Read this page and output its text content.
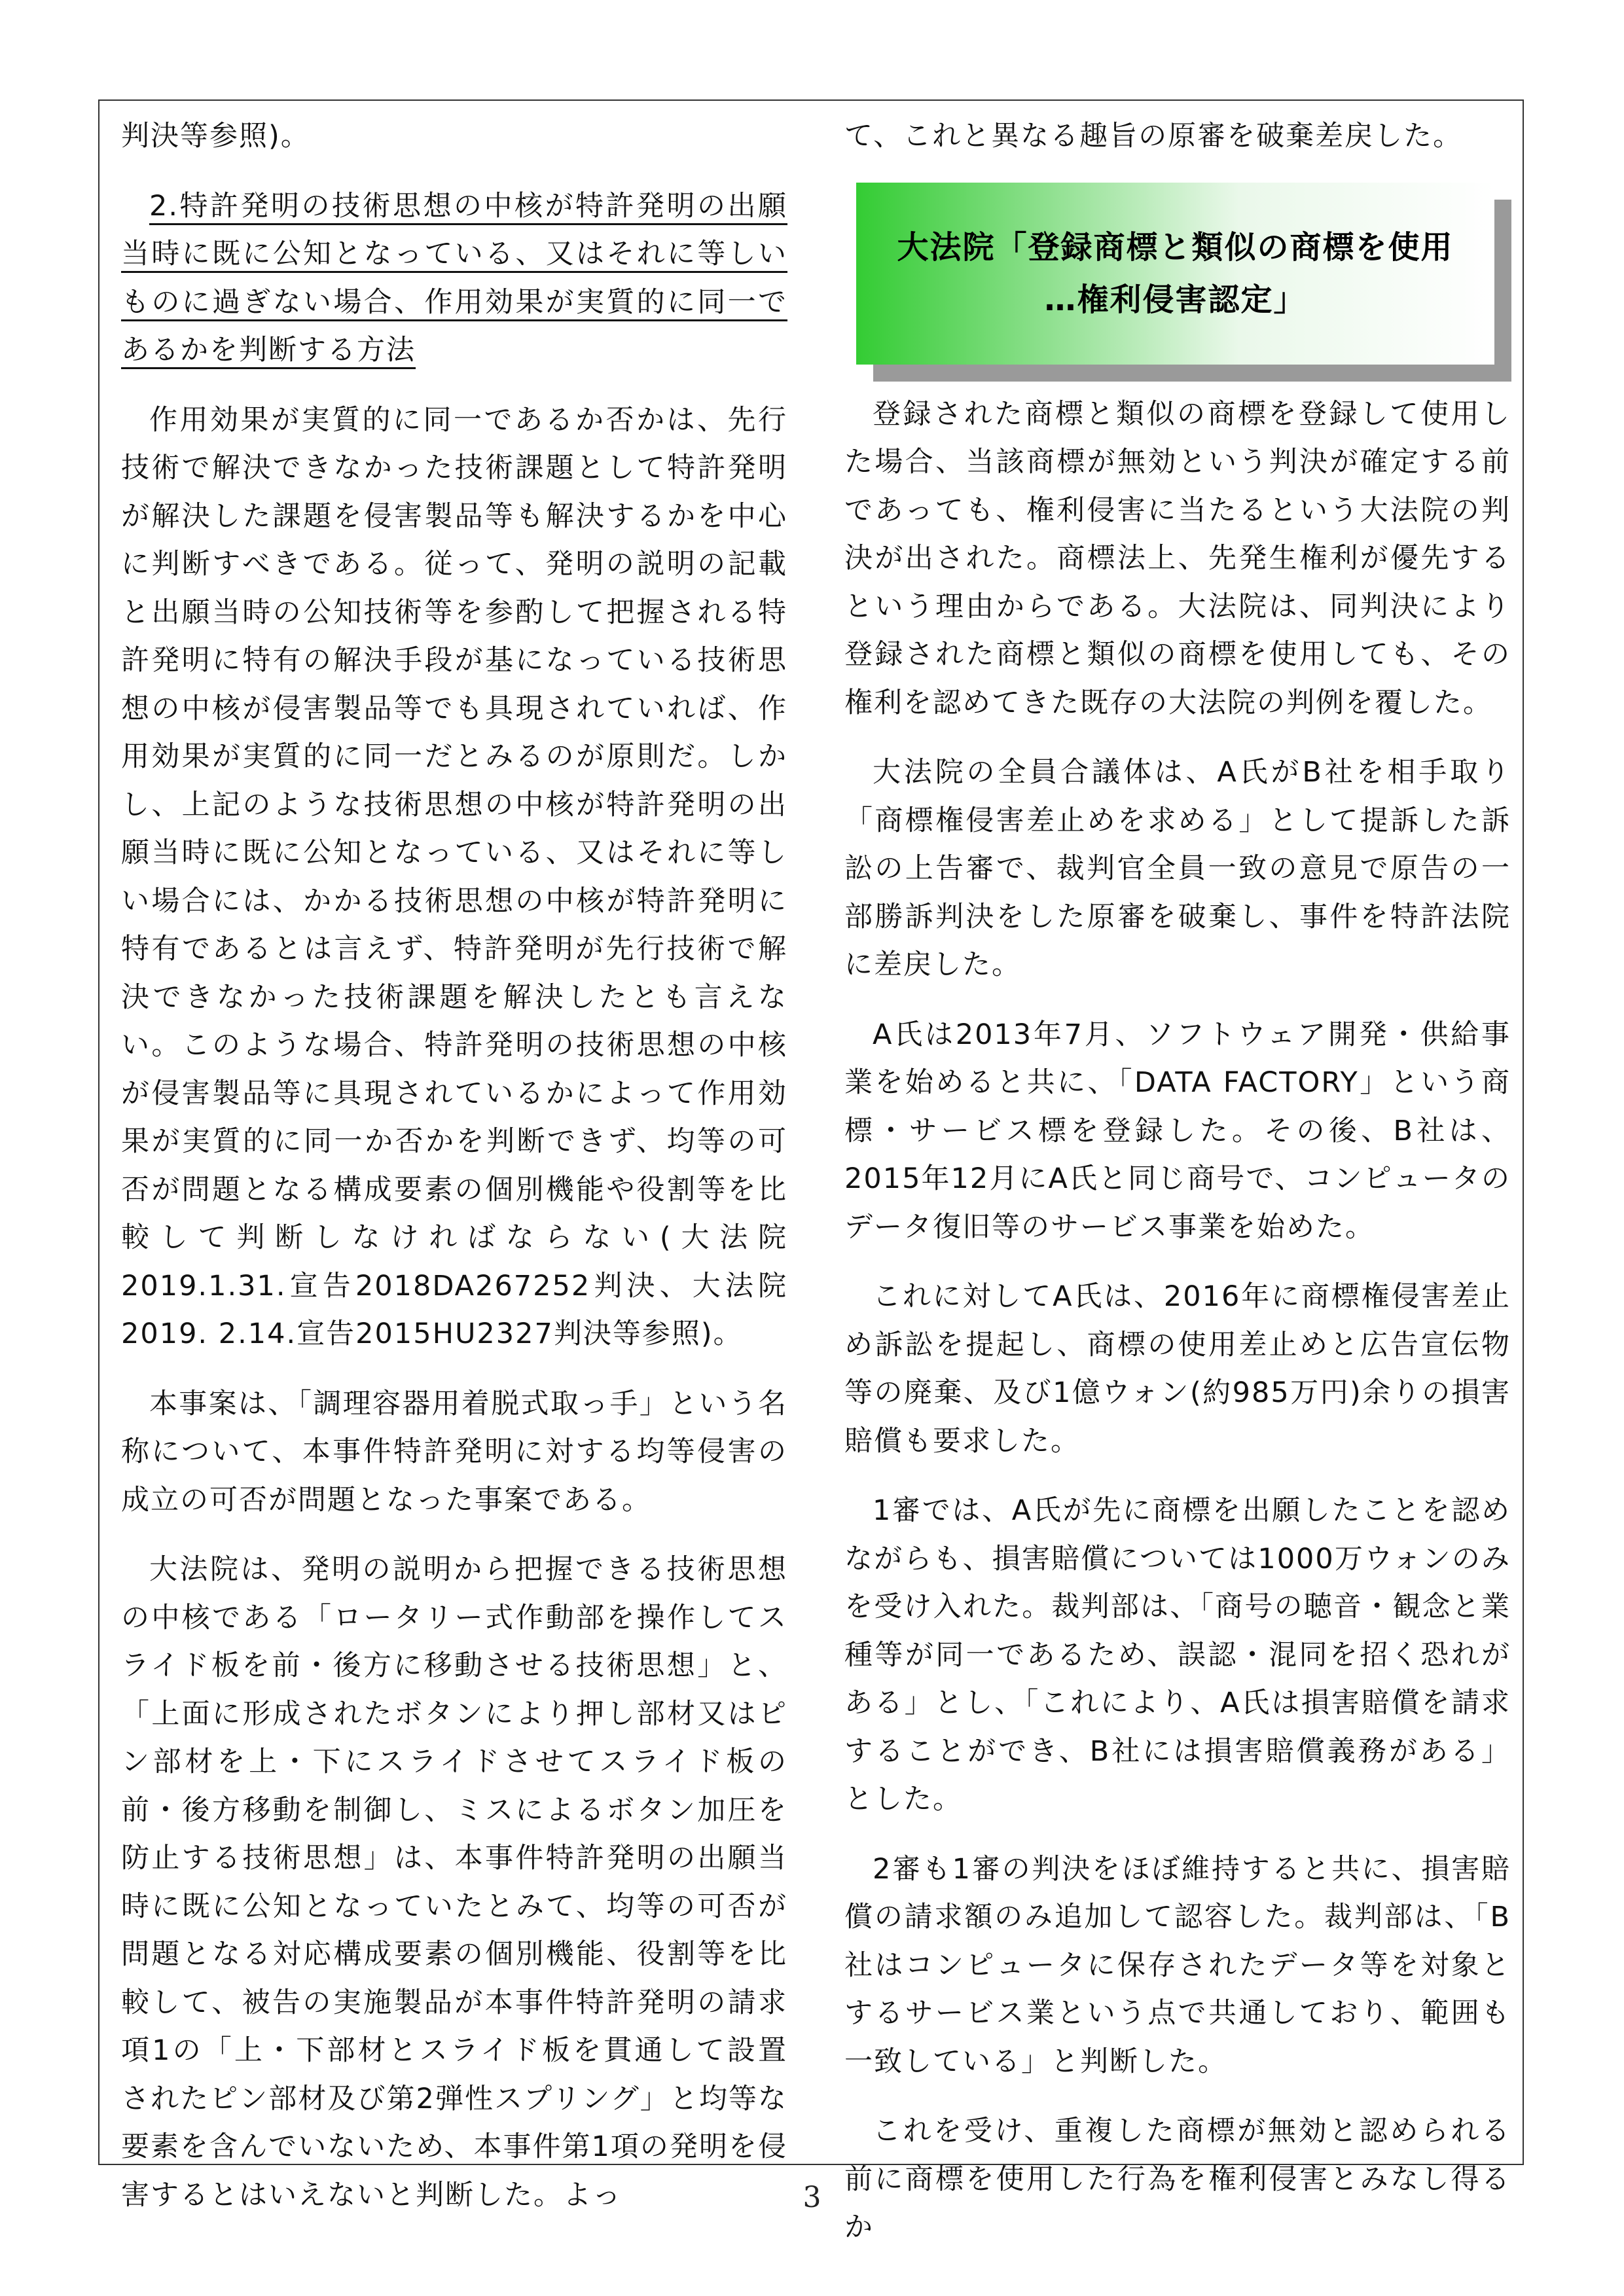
判決等参照)。

2.特許発明の技術思想の中核が特許発明の出願当時に既に公知となっている、又はそれに等しいものに過ぎない場合、作用効果が実質的に同一であるかを判断する方法

作用効果が実質的に同一であるか否かは、先行技術で解決できなかった技術課題として特許発明が解決した課題を侵害製品等も解決するかを中心に判断すべきである。従って、発明の説明の記載と出願当時の公知技術等を参酌して把握される特許発明に特有の解決手段が基になっている技術思想の中核が侵害製品等でも具現されていれば、作用効果が実質的に同一だとみるのが原則だ。しかし、上記のような技術思想の中核が特許発明の出願当時に既に公知となっている、又はそれに等しい場合には、かかる技術思想の中核が特許発明に特有であるとは言えず、特許発明が先行技術で解決できなかった技術課題を解決したとも言えない。このような場合、特許発明の技術思想の中核が侵害製品等に具現されているかによって作用効果が実質的に同一か否かを判断できず、均等の可否が問題となる構成要素の個別機能や役割等を比較して判断しなければならない(大法院2019.1.31.宣告2018DA267252判決、大法院2019. 2.14.宣告2015HU2327判決等参照)。

本事案は、「調理容器用着脱式取っ手」という名称について、本事件特許発明に対する均等侵害の成立の可否が問題となった事案である。

大法院は、発明の説明から把握できる技術思想の中核である「ロータリー式作動部を操作してスライド板を前・後方に移動させる技術思想」と、「上面に形成されたボタンにより押し部材又はピン部材を上・下にスライドさせてスライド板の前・後方移動を制御し、ミスによるボタン加圧を防止する技術思想」は、本事件特許発明の出願当時に既に公知となっていたとみて、均等の可否が問題となる対応構成要素の個別機能、役割等を比較して、被告の実施製品が本事件特許発明の請求項1の「上・下部材とスライド板を貫通して設置されたピン部材及び第2弾性スプリング」と均等な要素を含んでいないため、本事件第1項の発明を侵害するとはいえないと判断した。よっ

て、これと異なる趣旨の原審を破棄差戻した。

大法院「登録商標と類似の商標を使用
…権利侵害認定」

登録された商標と類似の商標を登録して使用した場合、当該商標が無効という判決が確定する前であっても、権利侵害に当たるという大法院の判決が出された。商標法上、先発生権利が優先するという理由からである。大法院は、同判決により登録された商標と類似の商標を使用しても、その権利を認めてきた既存の大法院の判例を覆した。

大法院の全員合議体は、A氏がB社を相手取り「商標権侵害差止めを求める」として提訴した訴訟の上告審で、裁判官全員一致の意見で原告の一部勝訴判決をした原審を破棄し、事件を特許法院に差戻した。

A氏は2013年7月、ソフトウェア開発・供給事業を始めると共に、「DATA FACTORY」という商標・サービス標を登録した。その後、B社は、2015年12月にA氏と同じ商号で、コンピュータのデータ復旧等のサービス事業を始めた。

これに対してA氏は、2016年に商標権侵害差止め訴訟を提起し、商標の使用差止めと広告宣伝物等の廃棄、及び1億ウォン(約985万円)余りの損害賠償も要求した。

1審では、A氏が先に商標を出願したことを認めながらも、損害賠償については1000万ウォンのみを受け入れた。裁判部は、「商号の聴音・観念と業種等が同一であるため、誤認・混同を招く恐れがある」とし、「これにより、A氏は損害賠償を請求することができ、B社には損害賠償義務がある」とした。

2審も1審の判決をほぼ維持すると共に、損害賠償の請求額のみ追加して認容した。裁判部は、「B社はコンピュータに保存されたデータ等を対象とするサービス業という点で共通しており、範囲も一致している」と判断した。

これを受け、重複した商標が無効と認められる前に商標を使用した行為を権利侵害とみなし得るか

3
